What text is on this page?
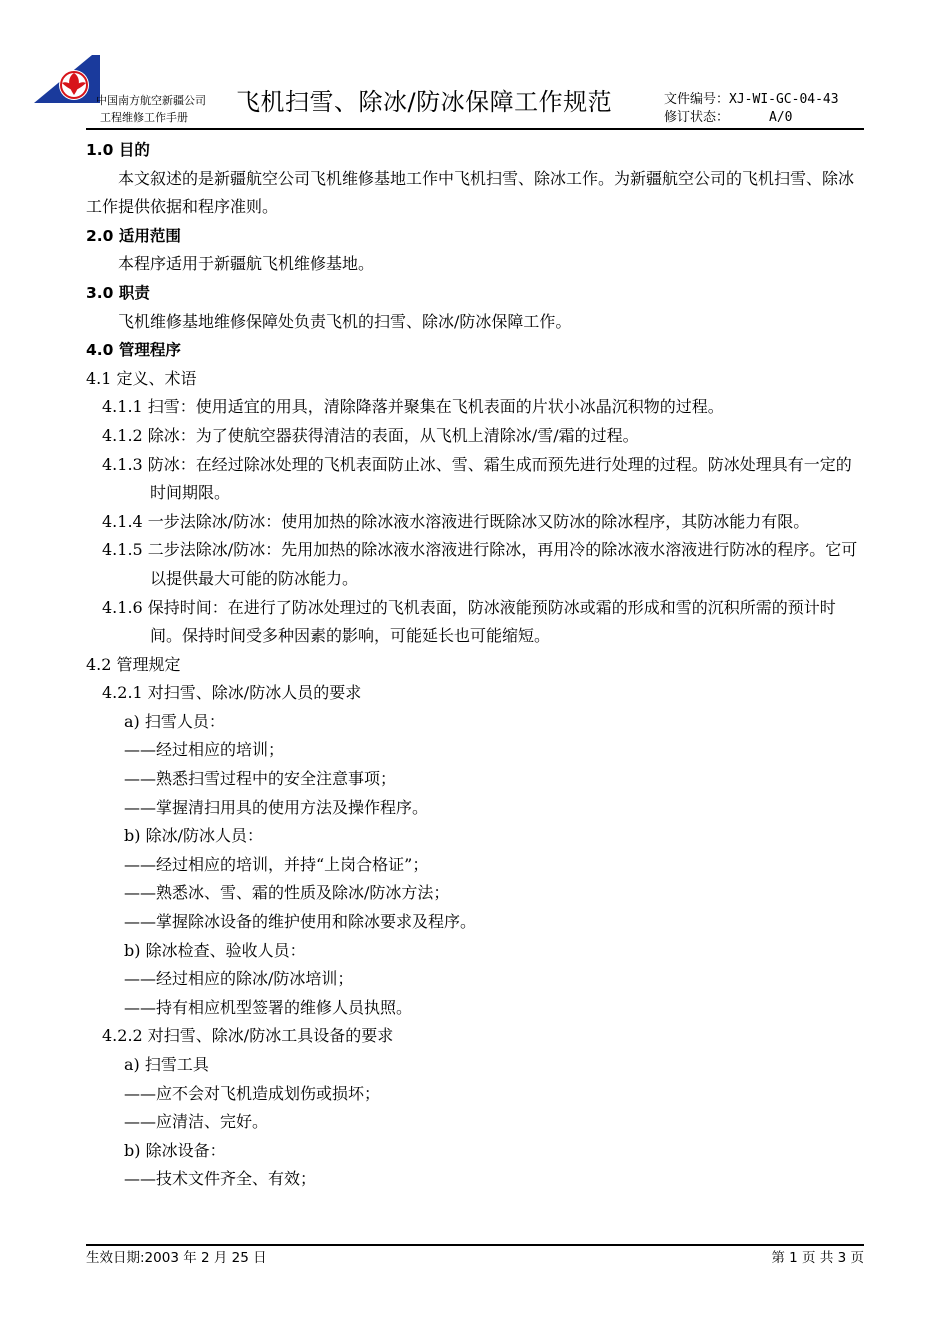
中国南方航空新疆公司
工程维修工作手册
飞机扫雪、除冰/防冰保障工作规范	文件编号：XJ-WI-GC-04-43
修订状态：	A/0

1.0 目的

本文叙述的是新疆航空公司飞机维修基地工作中飞机扫雪、除冰工作。为新疆航空公司的飞机扫雪、除冰工作提供依据和程序准则。

2.0 适用范围

本程序适用于新疆航飞机维修基地。

3.0 职责

飞机维修基地维修保障处负责飞机的扫雪、除冰/防冰保障工作。

4.0 管理程序

4.1 定义、术语

4.1.1 扫雪：使用适宜的用具，清除降落并聚集在飞机表面的片状小冰晶沉积物的过程。

4.1.2 除冰：为了使航空器获得清洁的表面，从飞机上清除冰/雪/霜的过程。

4.1.3 防冰：在经过除冰处理的飞机表面防止冰、雪、霜生成而预先进行处理的过程。防冰处理具有一定的时间期限。

4.1.4 一步法除冰/防冰：使用加热的除冰液水溶液进行既除冰又防冰的除冰程序，其防冰能力有限。

4.1.5 二步法除冰/防冰：先用加热的除冰液水溶液进行除冰，再用冷的除冰液水溶液进行防冰的程序。它可以提供最大可能的防冰能力。

4.1.6 保持时间：在进行了防冰处理过的飞机表面，防冰液能预防冰或霜的形成和雪的沉积所需的预计时间。保持时间受多种因素的影响，可能延长也可能缩短。

4.2 管理规定

4.2.1 对扫雪、除冰/防冰人员的要求

a) 扫雪人员：

——经过相应的培训；

——熟悉扫雪过程中的安全注意事项；

——掌握清扫用具的使用方法及操作程序。

b) 除冰/防冰人员：

——经过相应的培训，并持“上岗合格证”；

——熟悉冰、雪、霜的性质及除冰/防冰方法；

——掌握除冰设备的维护使用和除冰要求及程序。

b) 除冰检查、验收人员：

——经过相应的除冰/防冰培训；

——持有相应机型签署的维修人员执照。

4.2.2 对扫雪、除冰/防冰工具设备的要求

a) 扫雪工具

——应不会对飞机造成划伤或损坏；

——应清洁、完好。

b) 除冰设备：

——技术文件齐全、有效；

生效日期:2003 年 2 月 25 日	第 1 页 共 3 页
